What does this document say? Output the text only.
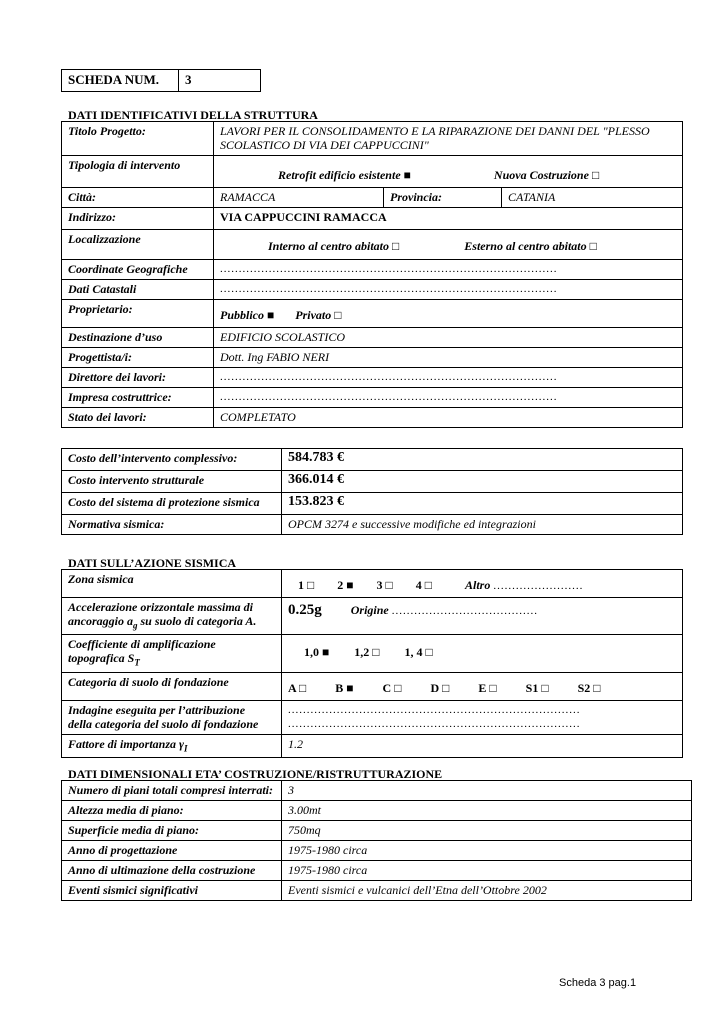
SCHEDA NUM.	3
DATI IDENTIFICATIVI DELLA STRUTTURA
Titolo Progetto:	LAVORI PER IL CONSOLIDAMENTO E LA RIPARAZIONE DEI DANNI DEL "PLESSO SCOLASTICO DI VIA DEI CAPPUCCINI"		
Tipologia di intervento	Retrofit edificio esistente ■ Nuova Costruzione □		
Città:	RAMACCA	Provincia:	CATANIA
Indirizzo:	VIA CAPPUCCINI RAMACCA		
Localizzazione	Interno al centro abitato □ Esterno al centro abitato □		
Coordinate Geografiche	..........................................................................................		
Dati Catastali	..........................................................................................		
Proprietario:	Pubblico ■ Privato □		
Destinazione d’uso	EDIFICIO SCOLASTICO		
Progettista/i:	Dott. Ing FABIO NERI		
Direttore dei lavori:	..........................................................................................		
Impresa costruttrice:	..........................................................................................		
Stato dei lavori:	COMPLETATO		
Costo dell’intervento complessivo:	584.783 €
Costo intervento strutturale	366.014 €
Costo del sistema di protezione sismica	153.823 €
Normativa sismica:	OPCM 3274 e successive modifiche ed integrazioni
DATI SULL’AZIONE SISMICA
Zona sismica	1 □ 2 ■ 3 □ 4 □ Altro ........................
Accelerazione orizzontale massima di
ancoraggio $a_g$ su suolo di categoria A.	0.25g Origine .......................................
Coefficiente di amplificazione
topografica $S_T$	1,0 ■ 1,2 □ 1, 4 □
Categoria di suolo di fondazione	A □ B ■ C □ D □ E □ S1 □ S2 □
Indagine eseguita per l’attribuzione
della categoria del suolo di fondazione	..............................................................................
..............................................................................
Fattore di importanza $\gamma_I$	1.2
DATI DIMENSIONALI ETA’ COSTRUZIONE/RISTRUTTURAZIONE
Numero di piani totali compresi interrati:	3
Altezza media di piano:	3.00mt
Superficie media di piano:	750mq
Anno di progettazione	1975-1980 circa
Anno di ultimazione della costruzione	1975-1980 circa
Eventi sismici significativi	Eventi sismici e vulcanici dell’Etna dell’Ottobre 2002
Scheda 3 pag.1
